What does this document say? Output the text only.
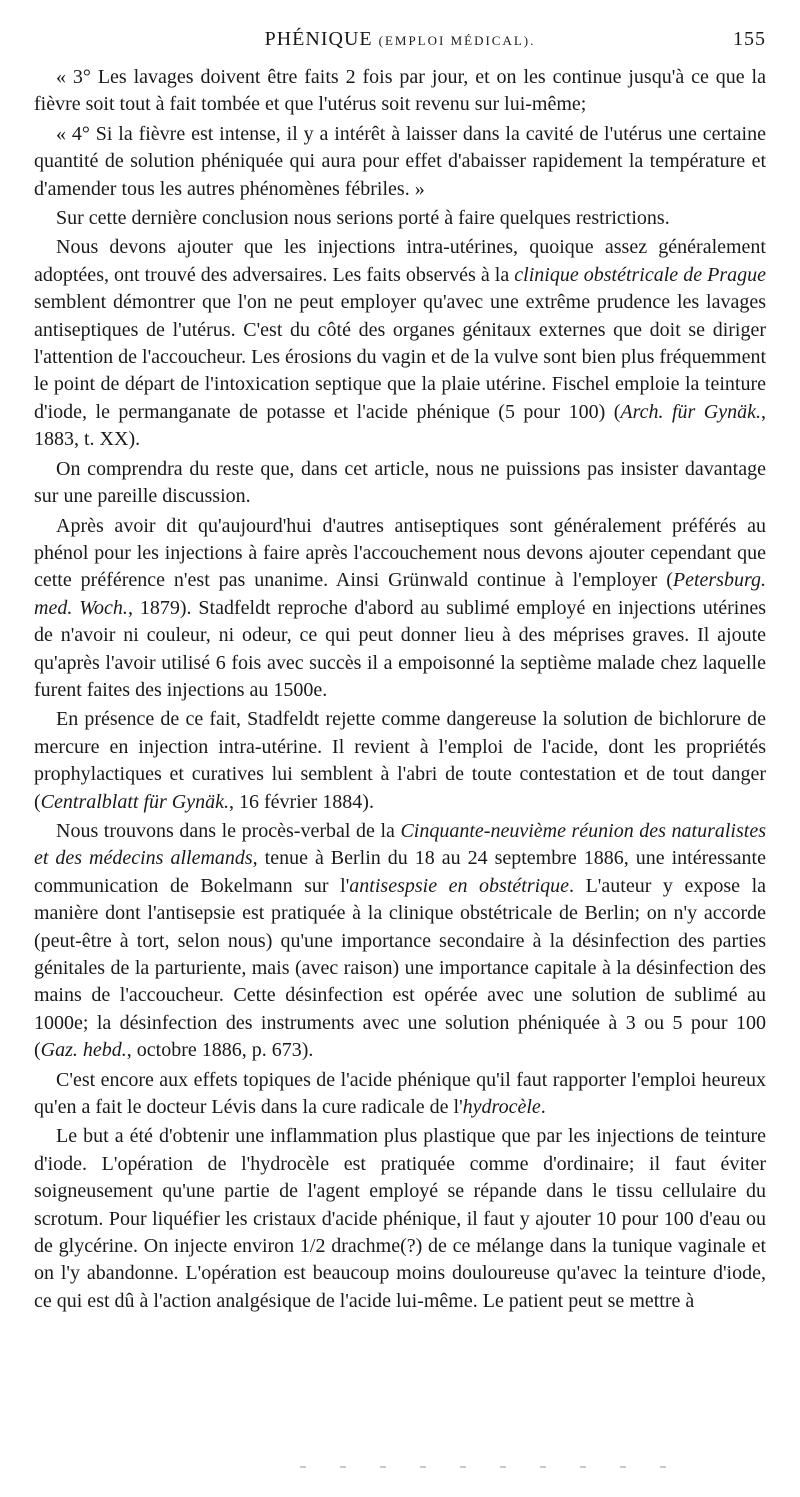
PHÉNIQUE (EMPLOI MÉDICAL).	155

« 3° Les lavages doivent être faits 2 fois par jour, et on les continue jusqu'à ce que la fièvre soit tout à fait tombée et que l'utérus soit revenu sur lui-même;

« 4° Si la fièvre est intense, il y a intérêt à laisser dans la cavité de l'utérus une certaine quantité de solution phéniquée qui aura pour effet d'abaisser rapidement la température et d'amender tous les autres phénomènes fébriles. »

Sur cette dernière conclusion nous serions porté à faire quelques restrictions.

Nous devons ajouter que les injections intra-utérines, quoique assez généralement adoptées, ont trouvé des adversaires. Les faits observés à la clinique obstétricale de Prague semblent démontrer que l'on ne peut employer qu'avec une extrême prudence les lavages antiseptiques de l'utérus. C'est du côté des organes génitaux externes que doit se diriger l'attention de l'accoucheur. Les érosions du vagin et de la vulve sont bien plus fréquemment le point de départ de l'intoxication septique que la plaie utérine. Fischel emploie la teinture d'iode, le permanganate de potasse et l'acide phénique (5 pour 100) (Arch. für Gynäk., 1883, t. XX).

On comprendra du reste que, dans cet article, nous ne puissions pas insister davantage sur une pareille discussion.

Après avoir dit qu'aujourd'hui d'autres antiseptiques sont généralement préférés au phénol pour les injections à faire après l'accouchement nous devons ajouter cependant que cette préférence n'est pas unanime. Ainsi Grünwald continue à l'employer (Petersburg. med. Woch., 1879). Stadfeldt reproche d'abord au sublimé employé en injections utérines de n'avoir ni couleur, ni odeur, ce qui peut donner lieu à des méprises graves. Il ajoute qu'après l'avoir utilisé 6 fois avec succès il a empoisonné la septième malade chez laquelle furent faites des injections au 1500e.

En présence de ce fait, Stadfeldt rejette comme dangereuse la solution de bichlorure de mercure en injection intra-utérine. Il revient à l'emploi de l'acide, dont les propriétés prophylactiques et curatives lui semblent à l'abri de toute contestation et de tout danger (Centralblatt für Gynäk., 16 février 1884).

Nous trouvons dans le procès-verbal de la Cinquante-neuvième réunion des naturalistes et des médecins allemands, tenue à Berlin du 18 au 24 septembre 1886, une intéressante communication de Bokelmann sur l'antisespsie en obstétrique. L'auteur y expose la manière dont l'antisepsie est pratiquée à la clinique obstétricale de Berlin; on n'y accorde (peut-être à tort, selon nous) qu'une importance secondaire à la désinfection des parties génitales de la parturiente, mais (avec raison) une importance capitale à la désinfection des mains de l'accoucheur. Cette désinfection est opérée avec une solution de sublimé au 1000e; la désinfection des instruments avec une solution phéniquée à 3 ou 5 pour 100 (Gaz. hebd., octobre 1886, p. 673).

C'est encore aux effets topiques de l'acide phénique qu'il faut rapporter l'emploi heureux qu'en a fait le docteur Lévis dans la cure radicale de l'hydrocèle.

Le but a été d'obtenir une inflammation plus plastique que par les injections de teinture d'iode. L'opération de l'hydrocèle est pratiquée comme d'ordinaire; il faut éviter soigneusement qu'une partie de l'agent employé se répande dans le tissu cellulaire du scrotum. Pour liquéfier les cristaux d'acide phénique, il faut y ajouter 10 pour 100 d'eau ou de glycérine. On injecte environ 1/2 drachme(?) de ce mélange dans la tunique vaginale et on l'y abandonne. L'opération est beaucoup moins douloureuse qu'avec la teinture d'iode, ce qui est dû à l'action analgésique de l'acide lui-même. Le patient peut se mettre à
